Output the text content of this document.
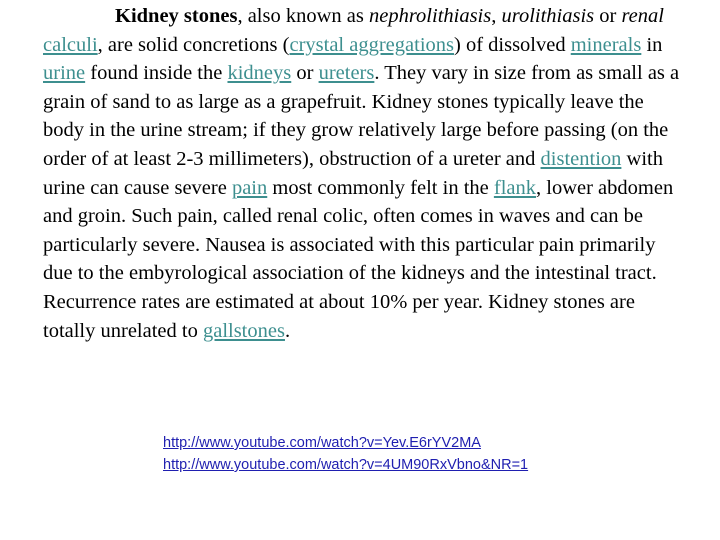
Kidney stones, also known as nephrolithiasis, urolithiasis or renal calculi, are solid concretions (crystal aggregations) of dissolved minerals in urine found inside the kidneys or ureters. They vary in size from as small as a grain of sand to as large as a grapefruit. Kidney stones typically leave the body in the urine stream; if they grow relatively large before passing (on the order of at least 2-3 millimeters), obstruction of a ureter and distention with urine can cause severe pain most commonly felt in the flank, lower abdomen and groin. Such pain, called renal colic, often comes in waves and can be particularly severe. Nausea is associated with this particular pain primarily due to the embyrological association of the kidneys and the intestinal tract. Recurrence rates are estimated at about 10% per year. Kidney stones are totally unrelated to gallstones.

http://www.youtube.com/watch?v=Yev.E6rYV2MA
http://www.youtube.com/watch?v=4UM90RxVbno&NR=1
